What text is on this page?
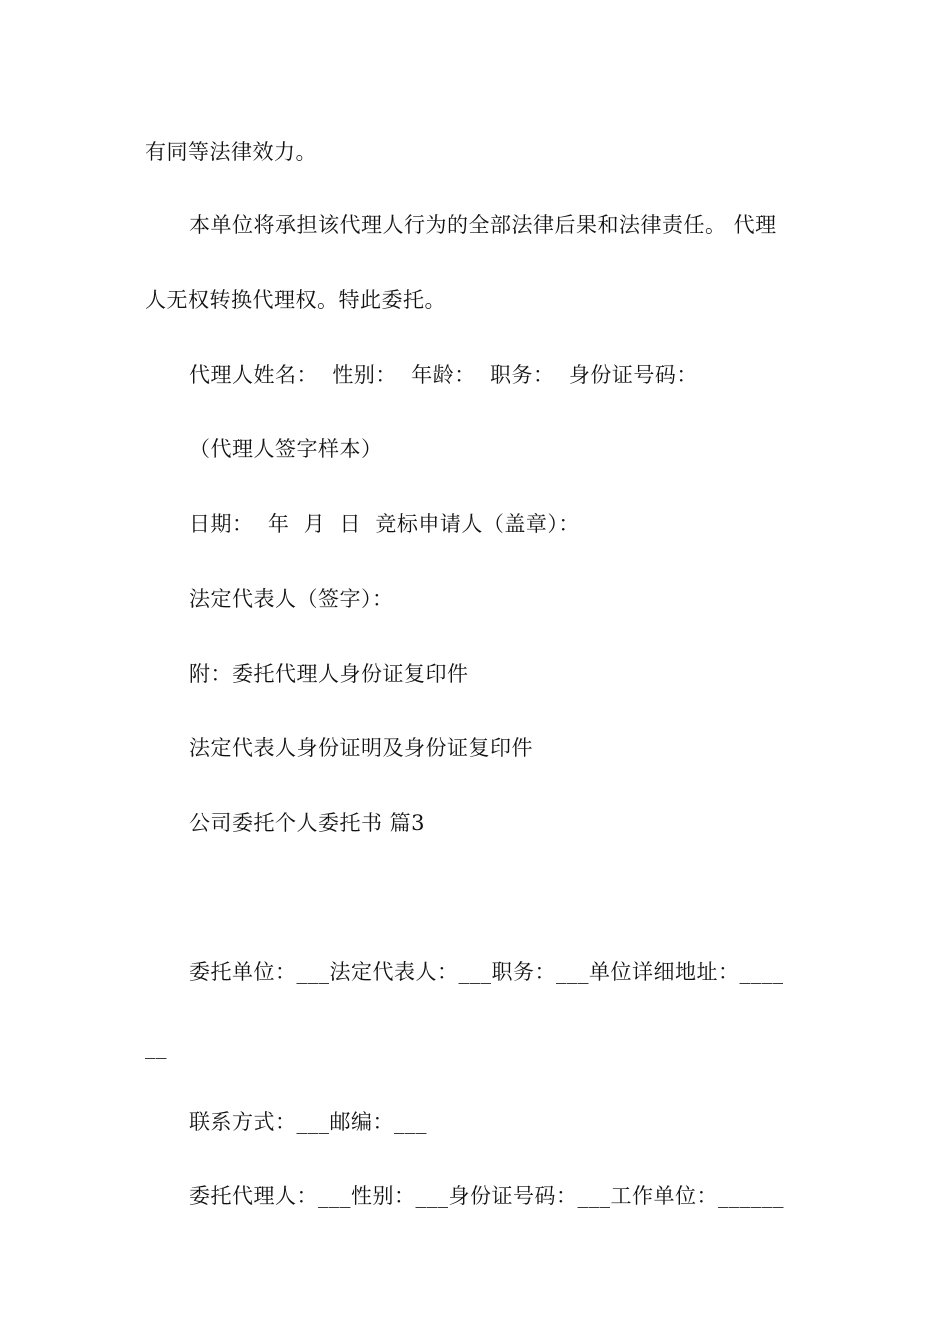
有同等法律效力。
本单位将承担该代理人行为的全部法律后果和法律责任。 代理
人无权转换代理权。特此委托。
代理人姓名：  性别：  年龄：  职务：  身份证号码：
（代理人签字样本）
日期：  年  月  日  竞标申请人（盖章）：
法定代表人（签字）：
附：委托代理人身份证复印件
法定代表人身份证明及身份证复印件
公司委托个人委托书 篇3
委托单位：___法定代表人：___职务：___单位详细地址：____
__
联系方式：___邮编：___
委托代理人：___性别：___身份证号码：___工作单位：______
